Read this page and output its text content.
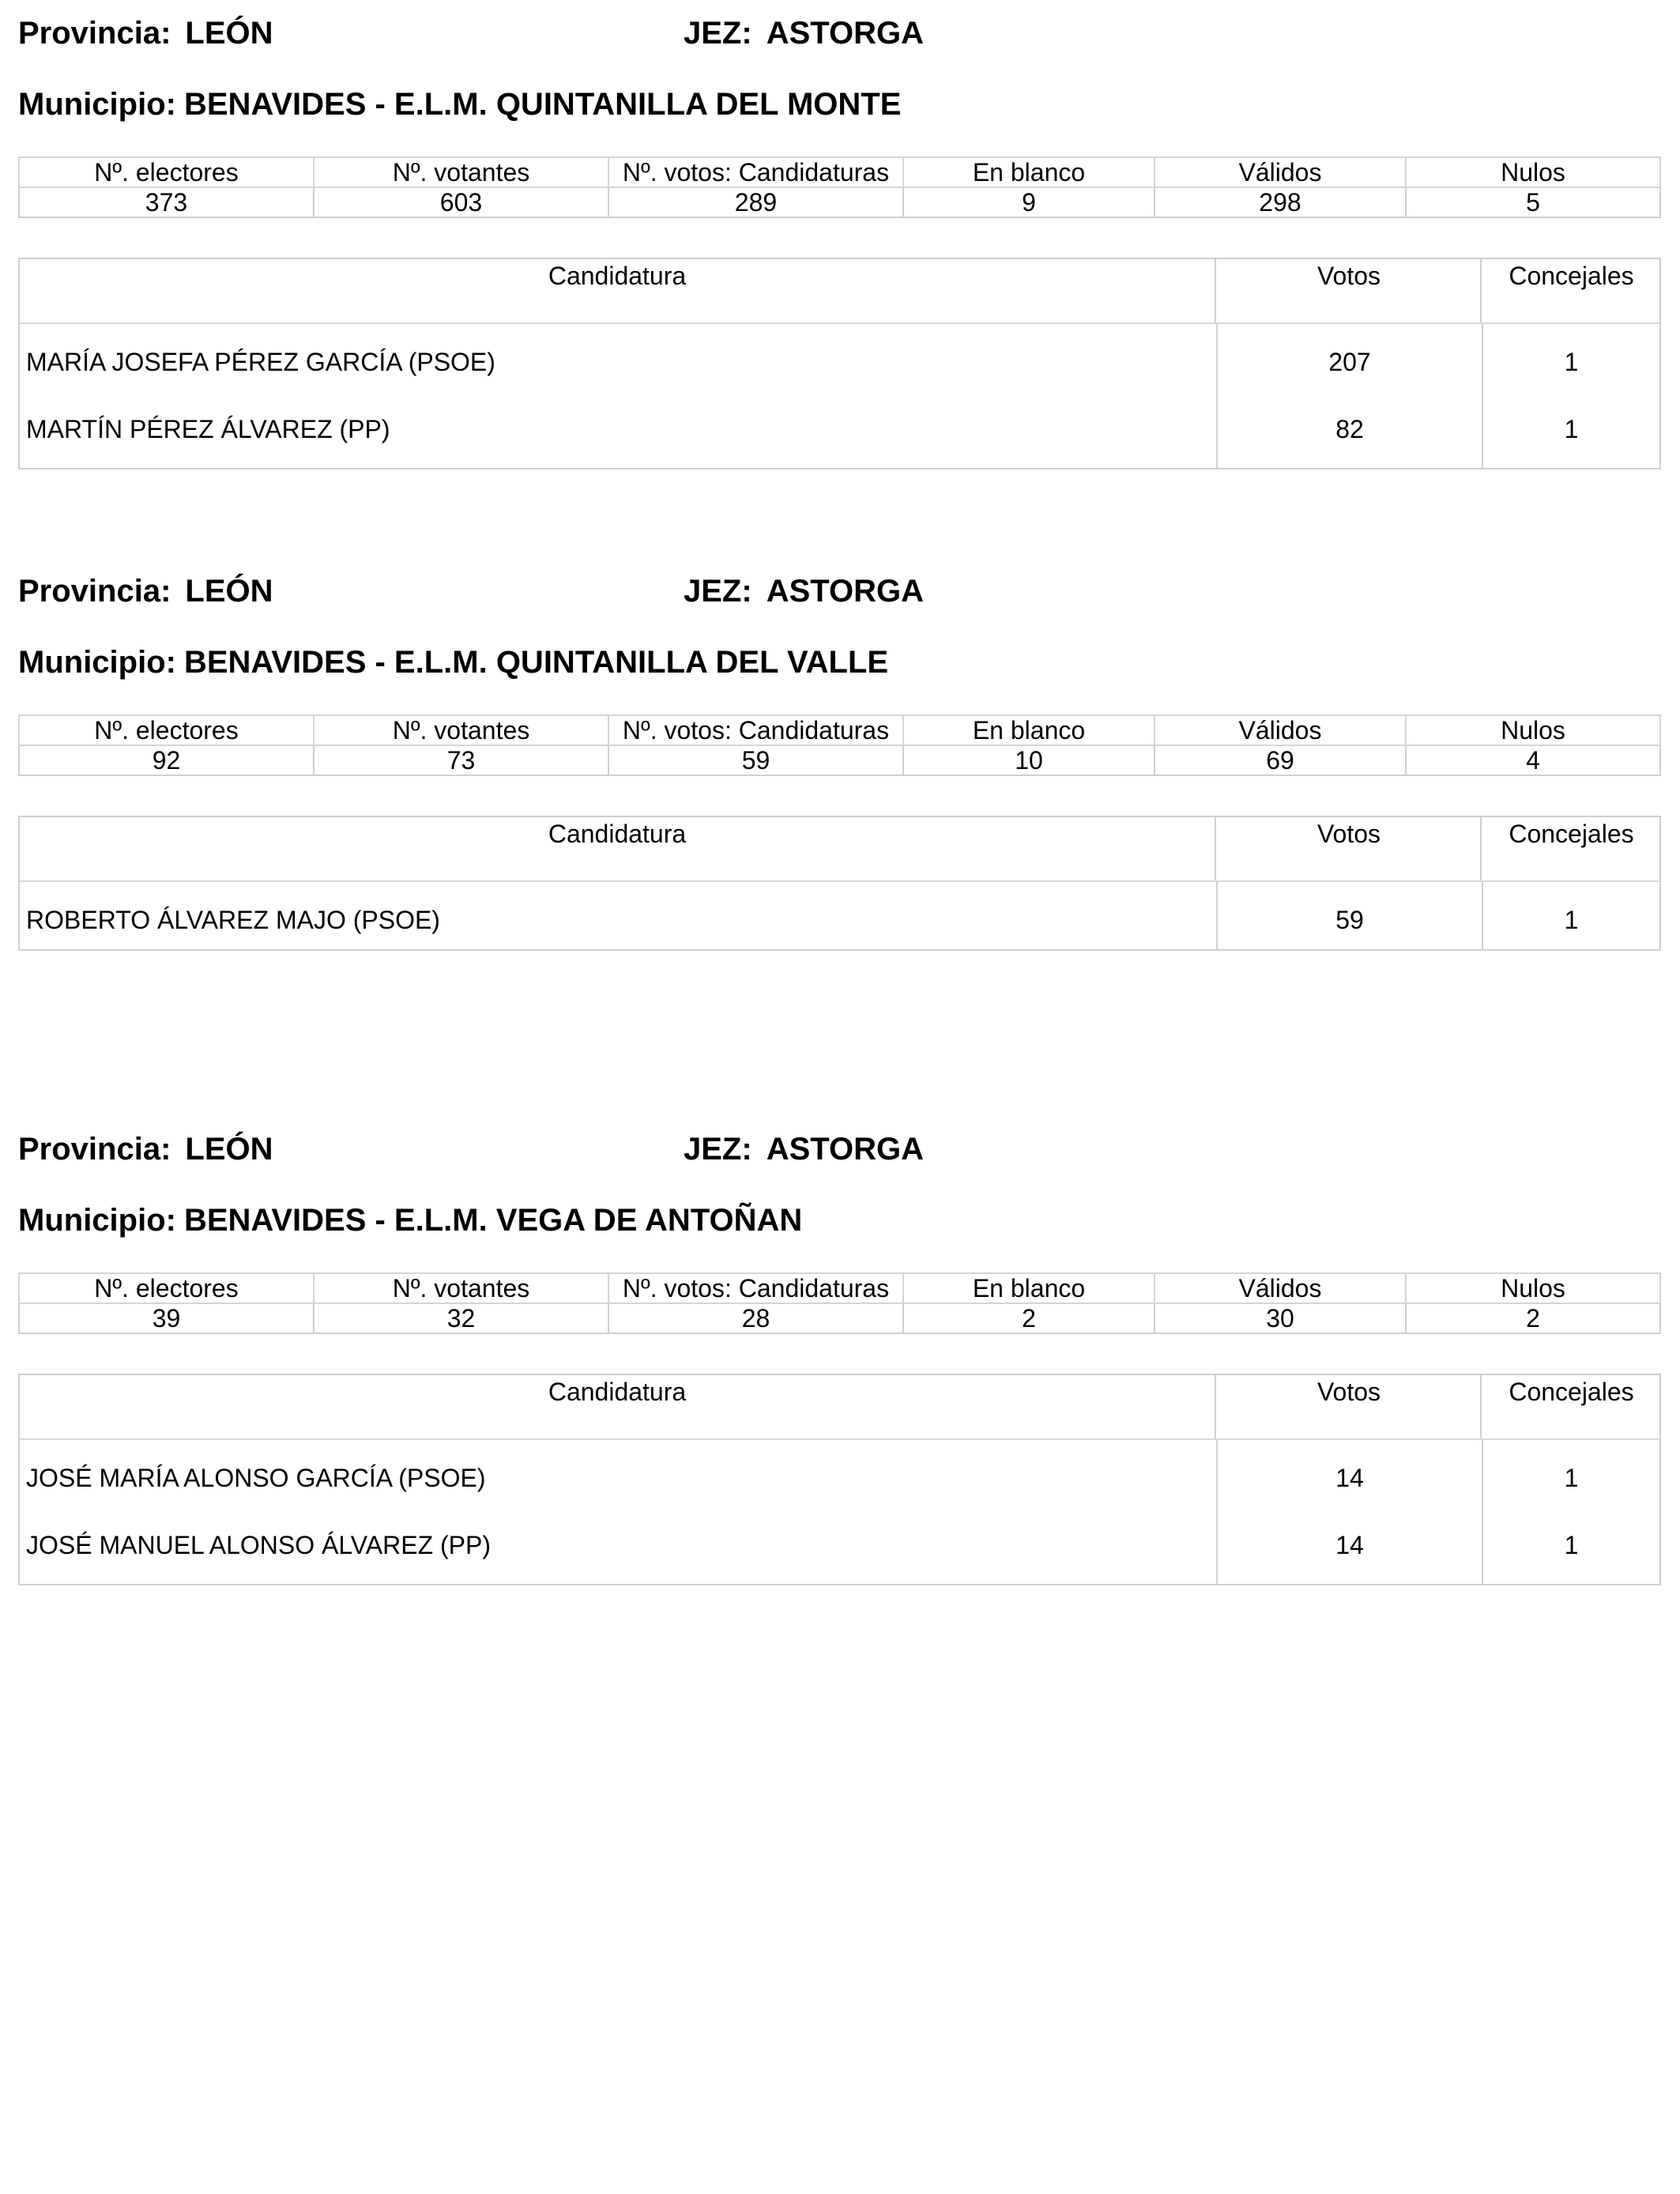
Provincia: LEÓN	JEZ: ASTORGA
Municipio: BENAVIDES - E.L.M. QUINTANILLA DEL MONTE
Nº. electores	Nº. votantes	Nº. votos: Candidaturas	En blanco	Válidos	Nulos
373	603	289	9	298	5
Candidatura	Votos	Concejales
MARÍA JOSEFA PÉREZ GARCÍA (PSOE)	207	1
MARTÍN PÉREZ ÁLVAREZ (PP)	82	1
Provincia: LEÓN	JEZ: ASTORGA
Municipio: BENAVIDES - E.L.M. QUINTANILLA DEL VALLE
Nº. electores	Nº. votantes	Nº. votos: Candidaturas	En blanco	Válidos	Nulos
92	73	59	10	69	4
Candidatura	Votos	Concejales
ROBERTO ÁLVAREZ MAJO (PSOE)	59	1
Provincia: LEÓN	JEZ: ASTORGA
Municipio: BENAVIDES - E.L.M. VEGA DE ANTOÑAN
Nº. electores	Nº. votantes	Nº. votos: Candidaturas	En blanco	Válidos	Nulos
39	32	28	2	30	2
Candidatura	Votos	Concejales
JOSÉ MARÍA ALONSO GARCÍA (PSOE)	14	1
JOSÉ MANUEL ALONSO ÁLVAREZ (PP)	14	1
